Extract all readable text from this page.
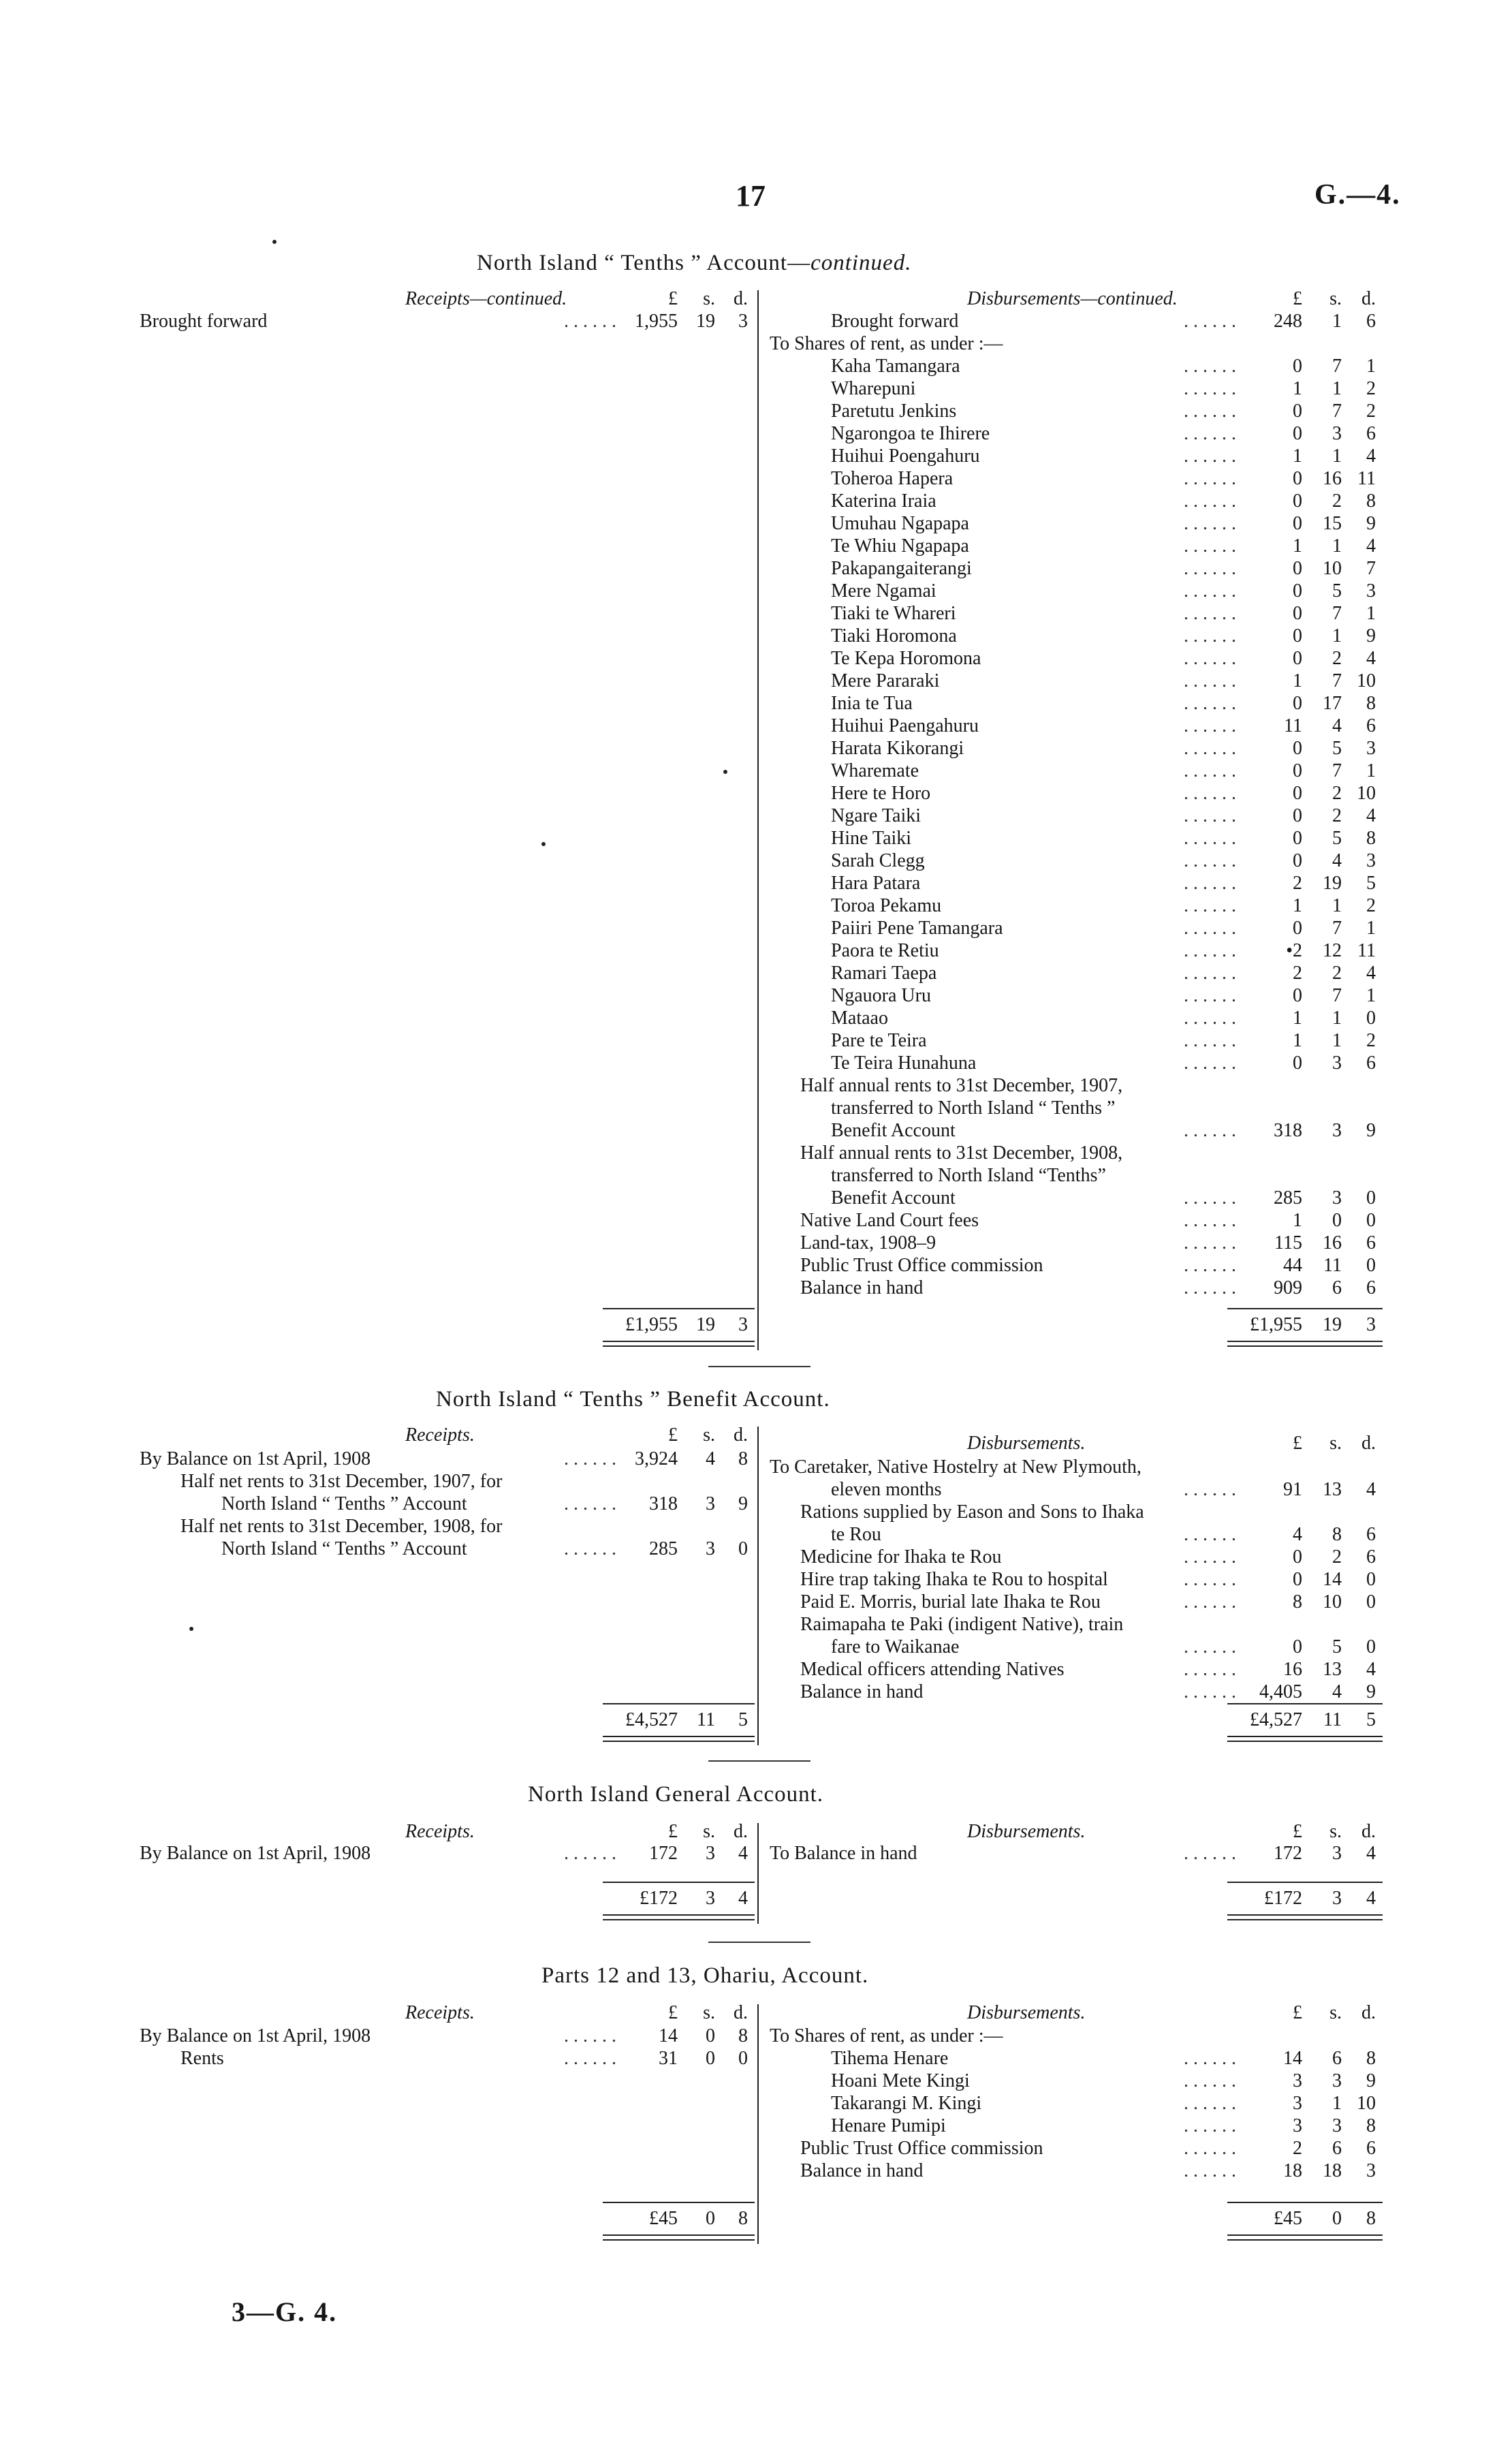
17	G.—4.
3—G. 4.
North Island “ Tenths ” Account—continued.
Receipts—continued.	Disbursements—continued.
£ s. d.	£ s. d.
Brought forward	. . . . . . 1,955 19 3	Brought forward	. . . . . . 248 1 6
To Shares of rent, as under :—
Kaha Tamangara	. . . . . .	0 7 1
Wharepuni	. . . . . .	1 1 2
Paretutu Jenkins	. . . . . .	0 7 2
Ngarongoa te Ihirere	. . . . . .	0 3 6
Huihui Poengahuru	. . . . . .	1 1 4
Toheroa Hapera	. . . . . .	0 16 11
Katerina Iraia	. . . . . .	0 2 8
Umuhau Ngapapa	. . . . . .	0 15 9
Te Whiu Ngapapa	. . . . . .	1 1 4
Pakapangaiterangi	. . . . . .	0 10 7
Mere Ngamai	. . . . . .	0 5 3
Tiaki te Whareri	. . . . . .	0 7 1
Tiaki Horomona	. . . . . .	0 1 9
Te Kepa Horomona	. . . . . .	0 2 4
Mere Pararaki	. . . . . .	1 7 10
Inia te Tua	. . . . . .	0 17 8
Huihui Paengahuru	. . . . . .	11 4 6
Harata Kikorangi	. . . . . .	0 5 3
Wharemate	. . . . . .	0 7 1
Here te Horo	. . . . . .	0 2 10
Ngare Taiki	. . . . . .	0 2 4
Hine Taiki	. . . . . .	0 5 8
Sarah Clegg	. . . . . .	0 4 3
Hara Patara	. . . . . .	2 19 5
Toroa Pekamu	. . . . . .	1 1 2
Paiiri Pene Tamangara	. . . . . .	0 7 1
Paora te Retiu	. . . . . .	•2 12 11
Ramari Taepa	. . . . . .	2 2 4
Ngauora Uru	. . . . . .	0 7 1
Mataao	. . . . . .	1 1 0
Pare te Teira	. . . . . .	1 1 2
Te Teira Hunahuna	. . . . . .	0 3 6
Half annual rents to 31st December, 1907,
transferred to North Island “ Tenths ”
Benefit Account	. . . . . . 318 3 9
Half annual rents to 31st December, 1908,
transferred to North Island “Tenths”
Benefit Account	. . . . . . 285 3 0
Native Land Court fees	. . . . . .	1 0 0
Land-tax, 1908–9	. . . . . . 115 16 6
Public Trust Office commission	. . . . . . 44 11 0
Balance in hand	. . . . . . 909 6 6
£1,955 19 3	£1,955 19 3
North Island “ Tenths ” Benefit Account.
Receipts.	Disbursements.
£ s. d.	£ s. d.
By Balance on 1st April, 1908	. . . . . . 3,924 4 8
Half net rents to 31st December, 1907, for
North Island “ Tenths ” Account	. . . . . . 318 3 9
Half net rents to 31st December, 1908, for
North Island “ Tenths ” Account	. . . . . . 285 3 0
To Caretaker, Native Hostelry at New Plymouth,
eleven months	. . . . . . 91 13 4
Rations supplied by Eason and Sons to Ihaka
te Rou	. . . . . .	4 8 6
Medicine for Ihaka te Rou	. . . . . .	0 2 6
Hire trap taking Ihaka te Rou to hospital	. . . . . .	0 14 0
Paid E. Morris, burial late Ihaka te Rou	. . . . . .	8 10 0
Raimapaha te Paki (indigent Native), train
fare to Waikanae	. . . . . .	0 5 0
Medical officers attending Natives	. . . . . . 16 13 4
Balance in hand	. . . . . . 4,405 4 9
£4,527 11 5	£4,527 11 5
North Island General Account.
Receipts.	Disbursements.
£ s. d.	£ s. d.
By Balance on 1st April, 1908	. . . . . . 172 3 4 To Balance in hand	. . . . . . 172 3 4
£172 3 4	£172 3 4
Parts 12 and 13, Ohariu, Account.
Receipts.	Disbursements.
£ s. d.	£ s. d.
By Balance on 1st April, 1908	. . . . . . 14 0 8
Rents	. . . . . . 31 0 0
To Shares of rent, as under :—
Tihema Henare	. . . . . . 14 6 8
Hoani Mete Kingi	. . . . . .	3 3 9
Takarangi M. Kingi	. . . . . .	3 1 10
Henare Pumipi	. . . . . .	3 3 8
Public Trust Office commission	. . . . . .	2 6 6
Balance in hand	. . . . . . 18 18 3
£45 0 8	£45 0 8
